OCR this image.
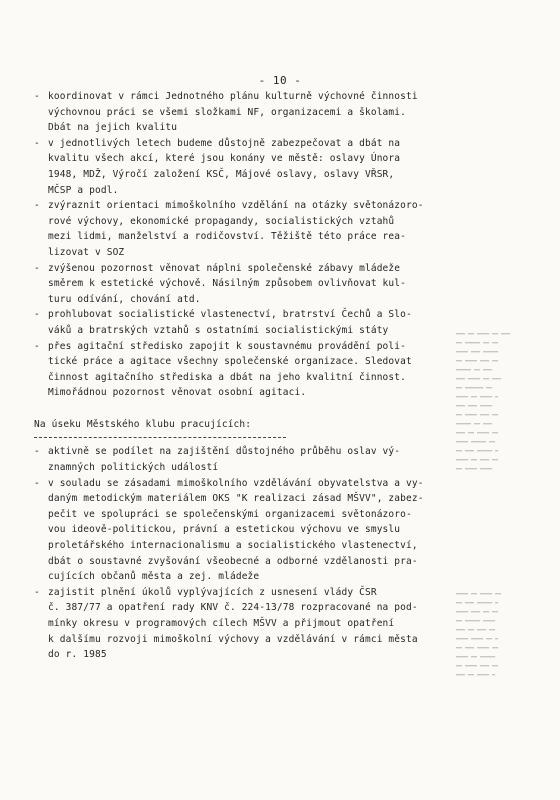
▬▬▬ ▬▬ ▬▬▬▬ ▬▬ ▬▬▬
▬▬ ▬▬▬▬▬ ▬▬ ▬▬
▬▬▬▬ ▬▬▬ ▬▬▬▬▬
▬▬ ▬▬▬▬ ▬▬▬ ▬▬
▬▬▬▬▬ ▬▬ ▬▬▬
▬▬▬ ▬▬▬▬ ▬▬ ▬▬▬
▬▬ ▬▬▬▬▬▬ ▬▬
▬▬▬▬ ▬▬ ▬▬▬▬ ▬
▬▬▬ ▬▬▬ ▬▬▬▬
▬▬ ▬▬▬▬ ▬▬▬ ▬▬
▬▬▬▬▬ ▬▬ ▬▬▬
▬▬▬ ▬▬ ▬▬▬▬ ▬▬
▬▬▬▬ ▬▬▬▬▬ ▬▬
▬▬ ▬▬▬ ▬▬▬▬▬ ▬
▬▬▬▬ ▬▬ ▬▬▬ ▬▬
▬▬ ▬▬▬▬ ▬▬▬▬
▬▬▬▬ ▬▬ ▬▬▬▬ ▬▬
▬▬ ▬▬▬ ▬▬▬▬▬ ▬
▬▬▬▬ ▬▬▬ ▬▬ ▬▬
▬▬ ▬▬▬▬▬ ▬▬▬▬
▬▬▬ ▬▬ ▬▬▬ ▬▬
▬▬▬▬ ▬▬▬▬ ▬▬ ▬
▬▬ ▬▬▬ ▬▬▬▬ ▬▬
▬▬▬▬ ▬▬ ▬▬▬▬▬
▬▬ ▬▬▬▬ ▬▬▬ ▬▬
▬▬▬ ▬▬ ▬▬▬▬ ▬
- 10 -
- koordinovat v rámci Jednotného plánu kulturně výchovné činnosti
výchovnou práci se všemi složkami NF, organizacemi a školami.
Dbát na jejich kvalitu
- v jednotlivých letech budeme důstojně zabezpečovat a dbát na
kvalitu všech akcí, které jsou konány ve městě: oslavy Února
1948, MDŽ, Výročí založení KSČ, Májové oslavy, oslavy VŘSR,
MČSP a podl.
- zvýraznit orientaci mimoškolního vzdělání na otázky světonázoro-
rové výchovy, ekonomické propagandy, socialistických vztahů
mezi lidmi, manželství a rodičovství. Těžiště této práce rea-
lizovat v SOZ
- zvýšenou pozornost věnovat náplni společenské zábavy mládeže
směrem k estetické výchově. Násilným způsobem ovlivňovat kul-
turu odívání, chování atd.
- prohlubovat socialistické vlastenectví, bratrství Čechů a Slo-
váků a bratrských vztahů s ostatními socialistickými státy
- přes agitační středisko zapojit k soustavnému provádění poli-
tické práce a agitace všechny společenské organizace. Sledovat
činnost agitačního střediska a dbát na jeho kvalitní činnost.
Mimořádnou pozornost věnovat osobní agitaci.
Na úseku Městského klubu pracujících:
- aktivně se podílet na zajištění důstojného průběhu oslav vý-
znamných politických událostí
- v souladu se zásadami mimoškolního vzdělávání obyvatelstva a vy-
daným metodickým materiálem OKS "K realizaci zásad MŠVV", zabez-
pečit ve spolupráci se společenskými organizacemi světonázoro-
vou ideově-politickou, právní a estetickou výchovu ve smyslu
proletářského internacionalismu a socialistického vlastenectví,
dbát o soustavné zvyšování všeobecné a odborné vzdělanosti pra-
cujících občanů města a zej. mládeže
- zajistit plnění úkolů vyplývajících z usnesení vlády ČSR
č. 387/77 a opatření rady KNV č. 224-13/78 rozpracované na pod-
mínky okresu v programových cílech MŠVV a přijmout opatření
k dalšímu rozvoji mimoškolní výchovy a vzdělávání v rámci města
do r. 1985
